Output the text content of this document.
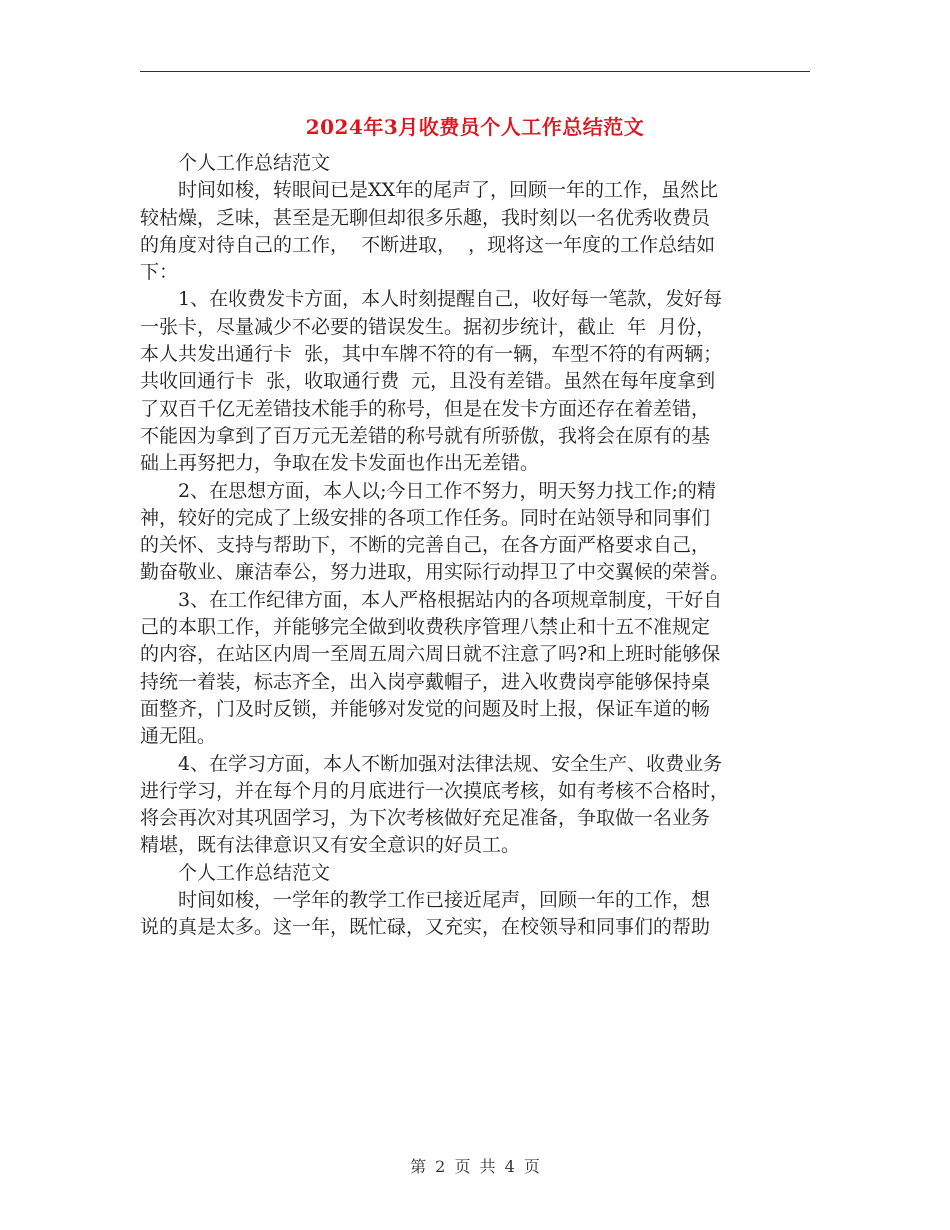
2024年3月收费员个人工作总结范文
　　个人工作总结范文
　　时间如梭，转眼间已是XX年的尾声了，回顾一年的工作，虽然比
较枯燥，乏味，甚至是无聊但却很多乐趣，我时刻以一名优秀收费员
的角度对待自己的工作，  不断进取，  ，现将这一年度的工作总结如
下：
　　1、在收费发卡方面，本人时刻提醒自己，收好每一笔款，发好每
一张卡，尽量减少不必要的错误发生。据初步统计，截止  年  月份，
本人共发出通行卡  张，其中车牌不符的有一辆，车型不符的有两辆；
共收回通行卡  张，收取通行费  元，且没有差错。虽然在每年度拿到
了双百千亿无差错技术能手的称号，但是在发卡方面还存在着差错，
不能因为拿到了百万元无差错的称号就有所骄傲，我将会在原有的基
础上再努把力，争取在发卡发面也作出无差错。
　　2、在思想方面，本人以;今日工作不努力，明天努力找工作;的精
神，较好的完成了上级安排的各项工作任务。同时在站领导和同事们
的关怀、支持与帮助下，不断的完善自己，在各方面严格要求自己，
勤奋敬业、廉洁奉公，努力进取，用实际行动捍卫了中交翼候的荣誉。
　　3、在工作纪律方面，本人严格根据站内的各项规章制度，干好自
己的本职工作，并能够完全做到收费秩序管理八禁止和十五不准规定
的内容，在站区内周一至周五周六周日就不注意了吗?和上班时能够保
持统一着装，标志齐全，出入岗亭戴帽子，进入收费岗亭能够保持桌
面整齐，门及时反锁，并能够对发觉的问题及时上报，保证车道的畅
通无阻。
　　4、在学习方面，本人不断加强对法律法规、安全生产、收费业务
进行学习，并在每个月的月底进行一次摸底考核，如有考核不合格时，
将会再次对其巩固学习，为下次考核做好充足准备，争取做一名业务
精堪，既有法律意识又有安全意识的好员工。
　　个人工作总结范文
　　时间如梭，一学年的教学工作已接近尾声，回顾一年的工作，想
说的真是太多。这一年，既忙碌，又充实，在校领导和同事们的帮助
第 2 页 共 4 页
